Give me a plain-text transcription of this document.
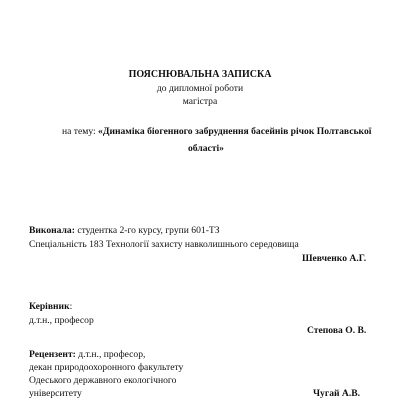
ПОЯСНЮВАЛЬНА ЗАПИСКА
до дипломної роботи
магістра
на тему: «Динаміка біогенного забруднення басейнів річок Полтавської
області»
Виконала: студентка 2-го курсу, групи 601-ТЗ
Спеціальність 183 Технології захисту навколишнього середовища
Шевченко А.Г.
Керівник:
д.т.н., професор
Степова О. В.
Рецензент: д.т.н., професор,
декан природоохоронного факультету
Одеського державного екологічного
університету	Чугай А.В.
